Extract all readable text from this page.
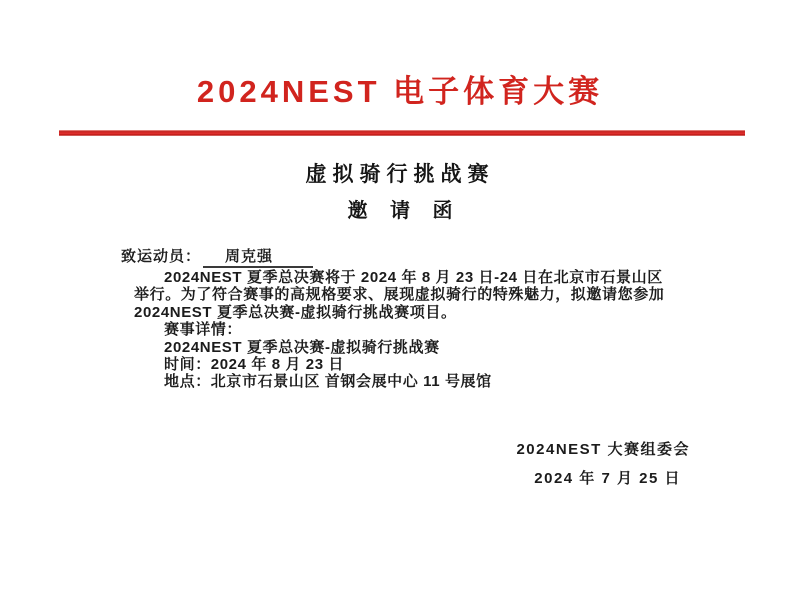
2024NEST 电子体育大赛
虚拟骑行挑战赛
邀 请 函
致运动员： 周克强
2024NEST 夏季总决赛将于 2024 年 8 月 23 日-24 日在北京市石景山区
举行。为了符合赛事的高规格要求、展现虚拟骑行的特殊魅力，拟邀请您参加
2024NEST 夏季总决赛-虚拟骑行挑战赛项目。
赛事详情：
2024NEST 夏季总决赛-虚拟骑行挑战赛
时间：2024 年 8 月 23 日
地点：北京市石景山区 首钢会展中心 11 号展馆
2024NEST 大赛组委会
2024 年 7 月 25 日
